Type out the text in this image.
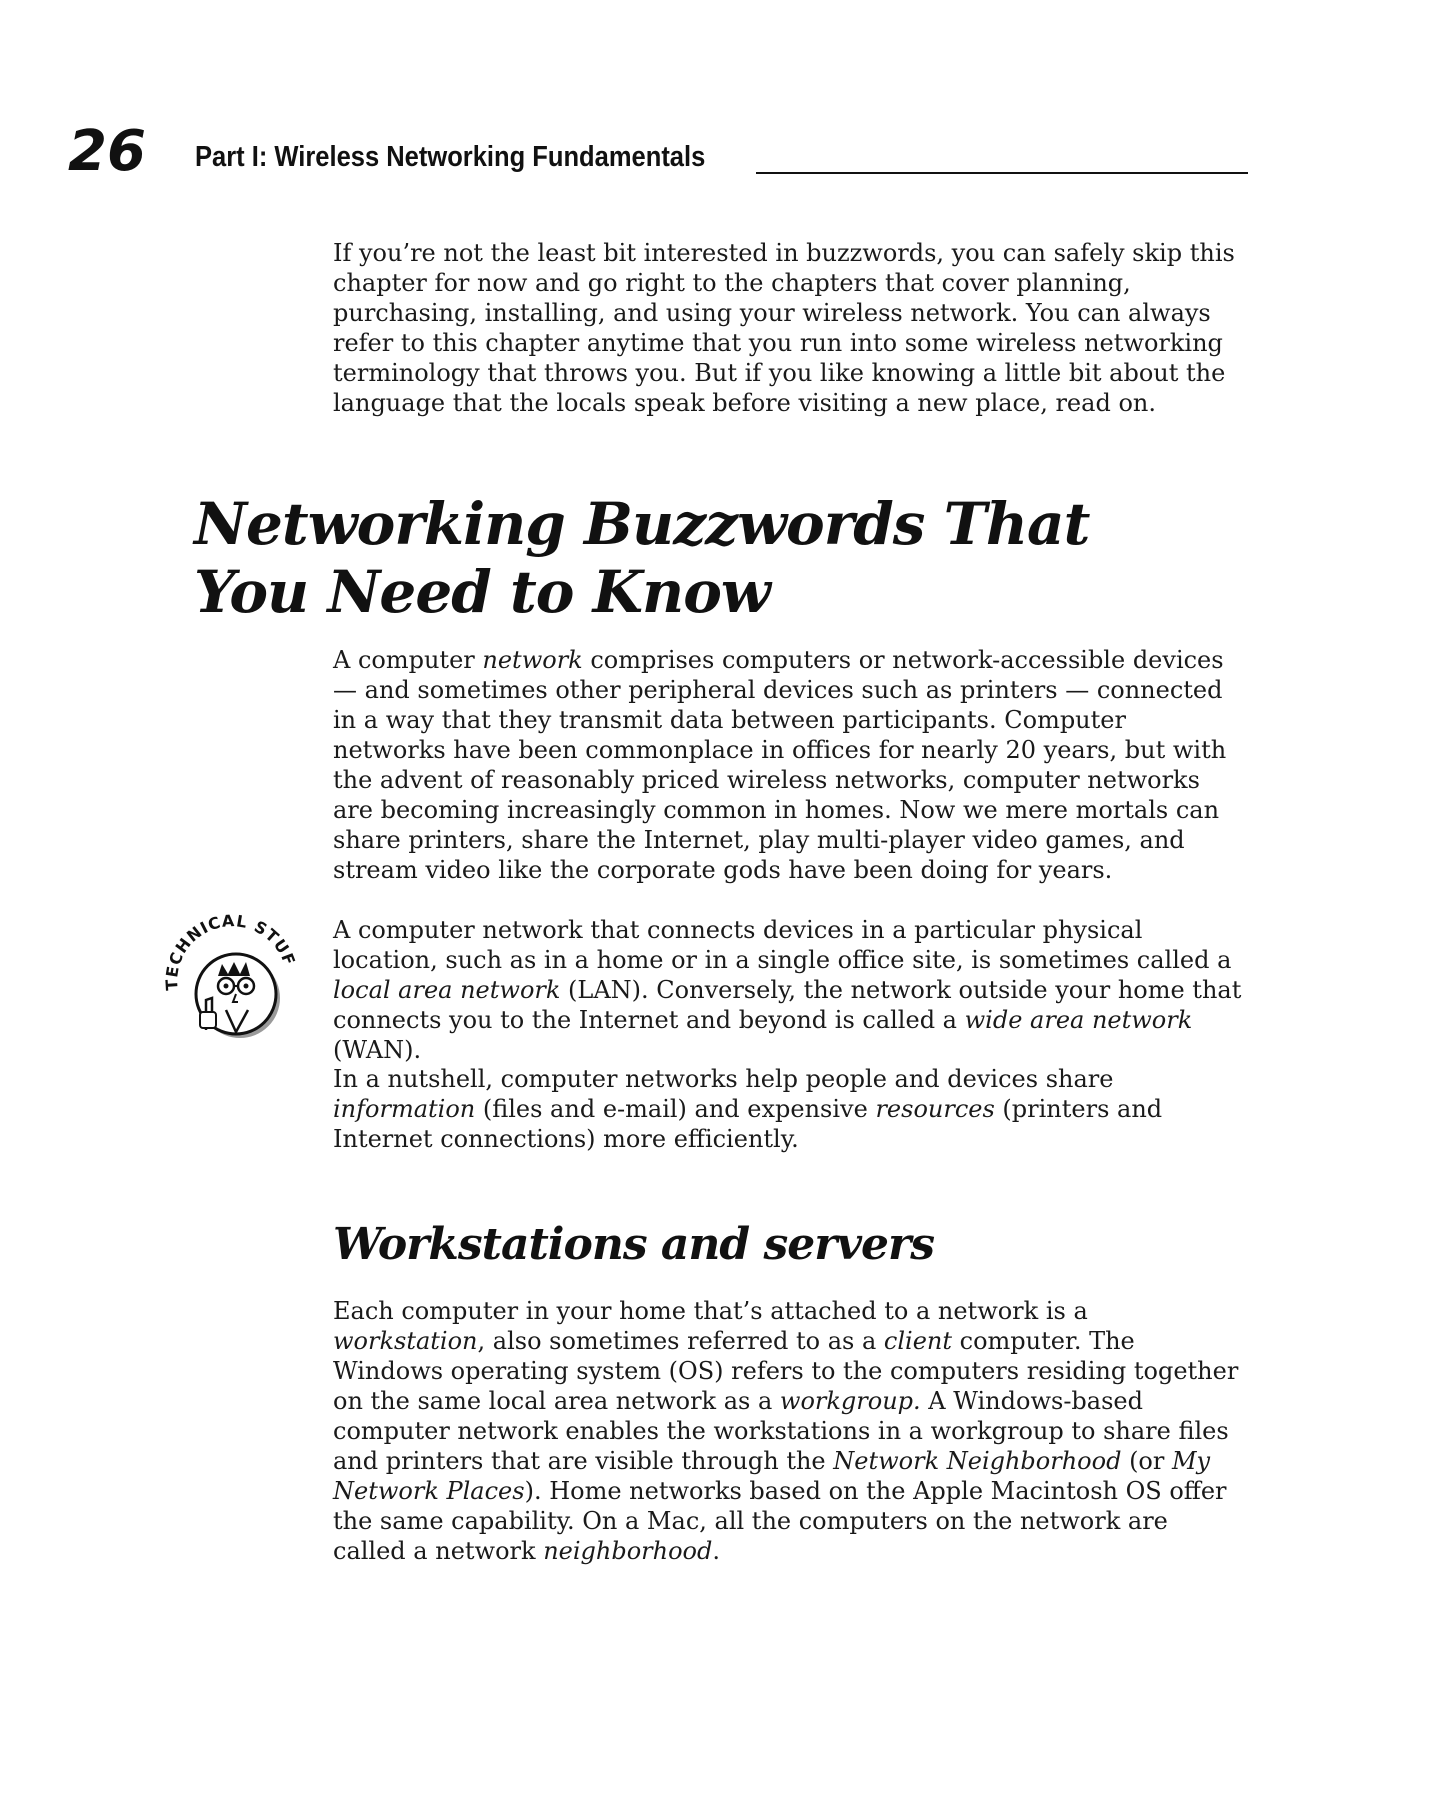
26 Part I: Wireless Networking Fundamentals

If you’re not the least bit interested in buzzwords, you can safely skip this chapter for now and go right to the chapters that cover planning, purchasing, installing, and using your wireless network. You can always refer to this chapter anytime that you run into some wireless networking terminology that throws you. But if you like knowing a little bit about the language that the locals speak before visiting a new place, read on.

Networking Buzzwords That
You Need to Know

A computer network comprises computers or network-accessible devices — and sometimes other peripheral devices such as printers — connected in a way that they transmit data between participants. Computer networks have been commonplace in offices for nearly 20 years, but with the advent of reasonably priced wireless networks, computer networks are becoming increasingly common in homes. Now we mere mortals can share printers, share the Internet, play multi-player video games, and stream video like the corporate gods have been doing for years.

TECHNICAL STUF

A computer network that connects devices in a particular physical location, such as in a home or in a single office site, is sometimes called a local area network (LAN). Conversely, the network outside your home that connects you to the Internet and beyond is called a wide area network (WAN).

In a nutshell, computer networks help people and devices share information (files and e-mail) and expensive resources (printers and Internet connections) more efficiently.

Workstations and servers

Each computer in your home that’s attached to a network is a workstation, also sometimes referred to as a client computer. The Windows operating system (OS) refers to the computers residing together on the same local area network as a workgroup. A Windows-based computer network enables the workstations in a workgroup to share files and printers that are visible through the Network Neighborhood (or My Network Places). Home networks based on the Apple Macintosh OS offer the same capability. On a Mac, all the computers on the network are called a network neighborhood.
